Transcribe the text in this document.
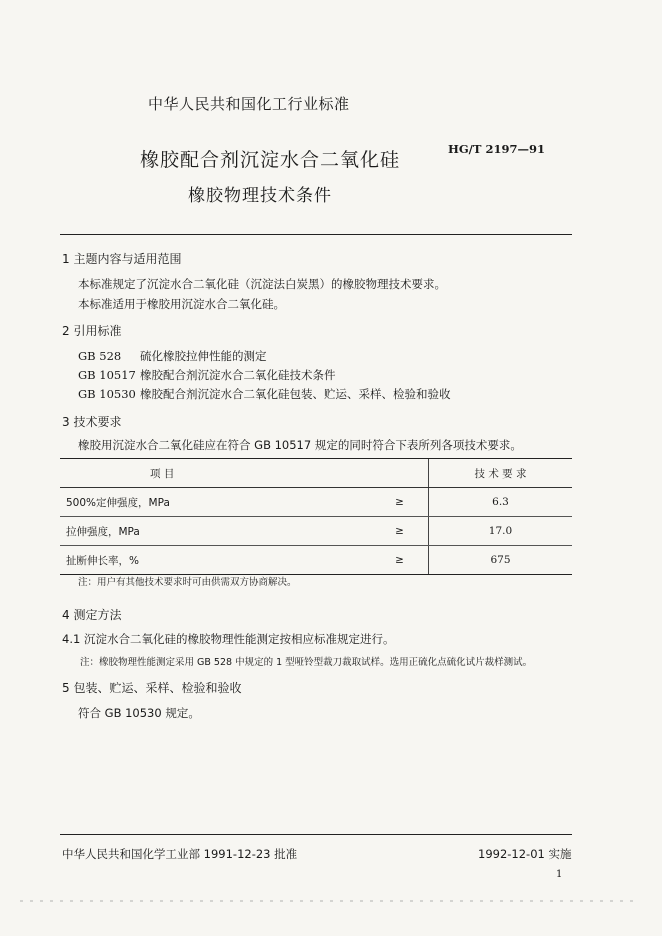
中华人民共和国化工行业标准
HG/T 2197—91
橡胶配合剂沉淀水合二氧化硅
橡胶物理技术条件
1 主题内容与适用范围
本标准规定了沉淀水合二氧化硅（沉淀法白炭黑）的橡胶物理技术要求。
本标准适用于橡胶用沉淀水合二氧化硅。
2 引用标准
GB 528 硫化橡胶拉伸性能的测定
GB 10517 橡胶配合剂沉淀水合二氧化硅技术条件
GB 10530 橡胶配合剂沉淀水合二氧化硅包装、贮运、采样、检验和验收
3 技术要求
橡胶用沉淀水合二氧化硅应在符合 GB 10517 规定的同时符合下表所列各项技术要求。
项 目		技 术 要 求
500%定伸强度，MPa	≥	6.3
拉伸强度，MPa	≥	17.0
扯断伸长率，%	≥	675
注：用户有其他技术要求时可由供需双方协商解决。
4 测定方法
4.1 沉淀水合二氧化硅的橡胶物理性能测定按相应标准规定进行。
注：橡胶物理性能测定采用 GB 528 中规定的 1 型哑铃型裁刀裁取试样。选用正硫化点硫化试片裁样测试。
5 包装、贮运、采样、检验和验收
符合 GB 10530 规定。
中华人民共和国化学工业部 1991-12-23 批准	1992-12-01 实施
1
